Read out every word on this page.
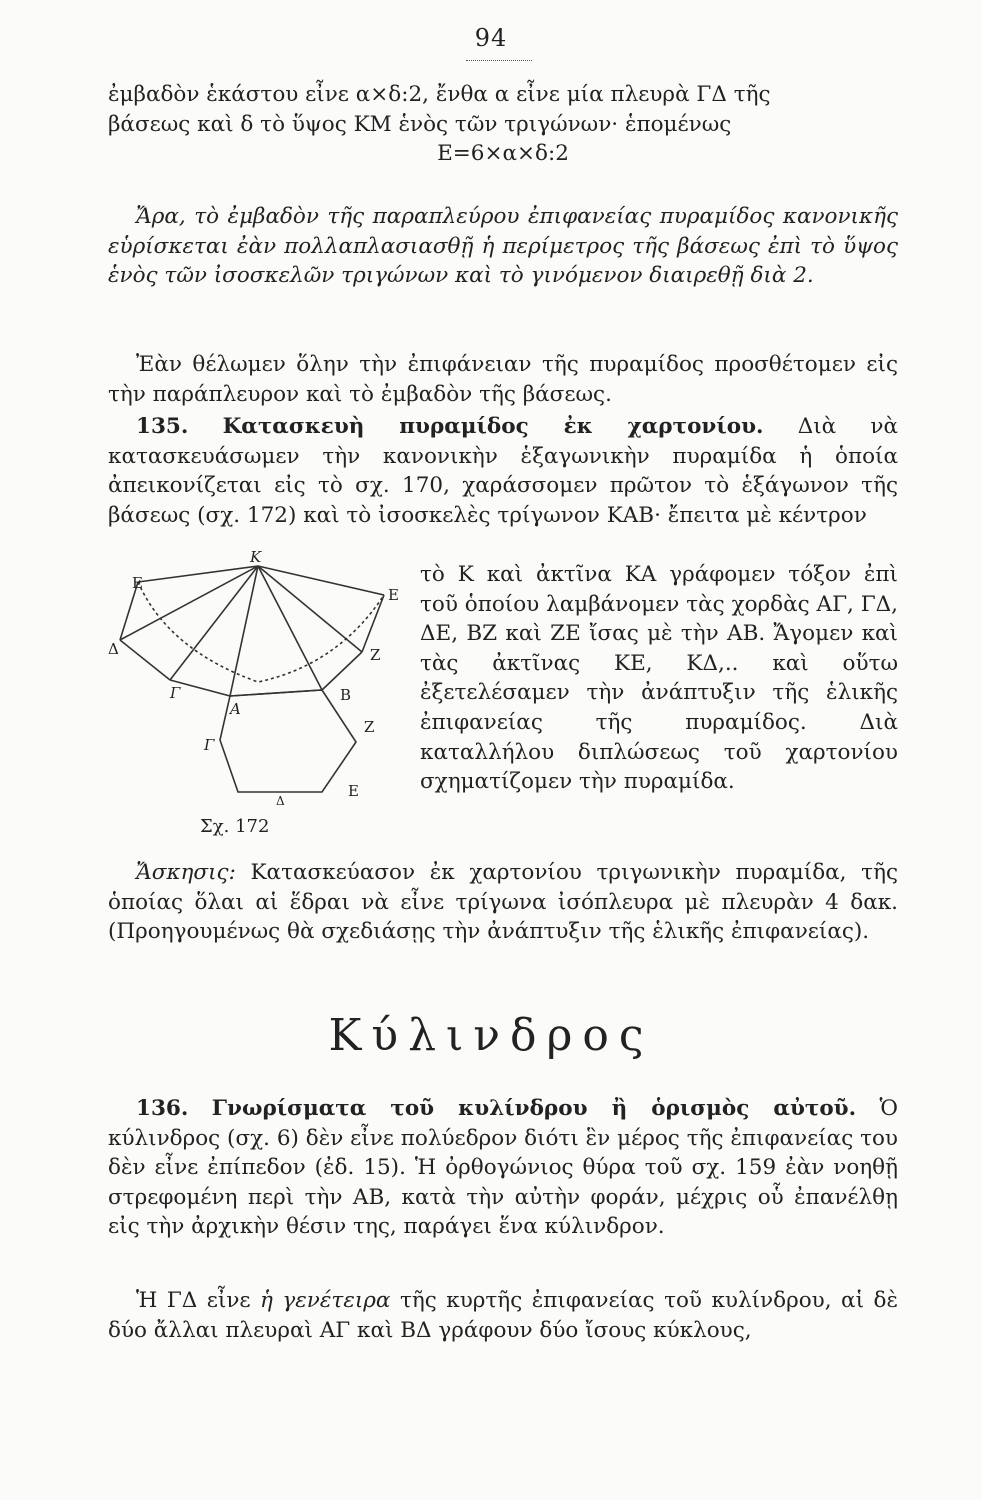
94

ἐμβαδὸν ἑκάστου εἶνε α×δ:2, ἔνθα α εἶνε μία πλευρὰ ΓΔ τῆς

βάσεως καὶ δ τὸ ὕψος ΚΜ ἑνὸς τῶν τριγώνων· ἑπομένως

Ε=6×α×δ:2

Ἄρα, τὸ ἐμβαδὸν τῆς παραπλεύρου ἐπιφανείας πυραμίδος κανονικῆς εὑρίσκεται ἐὰν πολλαπλασιασθῇ ἡ περίμετρος τῆς βάσεως ἐπὶ τὸ ὕψος ἑνὸς τῶν ἰσοσκελῶν τριγώνων καὶ τὸ γινόμενον διαιρεθῇ διὰ 2.

Ἐὰν θέλωμεν ὅλην τὴν ἐπιφάνειαν τῆς πυραμίδος προσθέτομεν εἰς τὴν παράπλευρον καὶ τὸ ἐμβαδὸν τῆς βάσεως.

135. Κατασκευὴ πυραμίδος ἐκ χαρτονίου. Διὰ νὰ κατασκευάσωμεν τὴν κανονικὴν ἑξαγωνικὴν πυραμίδα ἡ ὁποία ἀπεικονίζεται εἰς τὸ σχ. 170, χαράσσομεν πρῶτον τὸ ἑξάγωνον τῆς βάσεως (σχ. 172) καὶ τὸ ἰσοσκελὲς τρίγωνον ΚΑΒ· ἔπειτα μὲ κέντρον

Κ
Ε
Δ
Γ
Α
Β
Γ
Ζ
Ε
Ζ
Δ
Ε
Σχ. 172
τὸ Κ καὶ ἀκτῖνα ΚΑ γράφομεν τόξον ἐπὶ τοῦ ὁποίου λαμβάνομεν τὰς χορδὰς ΑΓ, ΓΔ, ΔΕ, ΒΖ καὶ ΖΕ ἴσας μὲ τὴν ΑΒ. Ἄγομεν καὶ τὰς ἀκτῖνας ΚΕ, ΚΔ,.. καὶ οὕτω ἐξετελέσαμεν τὴν ἀνάπτυξιν τῆς ἑλικῆς ἐπιφανείας τῆς πυραμίδος. Διὰ καταλλήλου διπλώσεως τοῦ χαρτονίου σχηματίζομεν τὴν πυραμίδα.

Ἄσκησις: Κατασκεύασον ἐκ χαρτονίου τριγωνικὴν πυραμίδα, τῆς ὁποίας ὅλαι αἱ ἕδραι νὰ εἶνε τρίγωνα ἰσόπλευρα μὲ πλευρὰν 4 δακ. (Προηγουμένως θὰ σχεδιάσῃς τὴν ἀνάπτυξιν τῆς ἑλικῆς ἐπιφανείας).

Κύλινδρος

136. Γνωρίσματα τοῦ κυλίνδρου ἢ ὁρισμὸς αὐτοῦ. Ὁ κύλινδρος (σχ. 6) δὲν εἶνε πολύεδρον διότι ἓν μέρος τῆς ἐπιφανείας του δὲν εἶνε ἐπίπεδον (ἐδ. 15). Ἡ ὀρθογώνιος θύρα τοῦ σχ. 159 ἐὰν νοηθῇ στρεφομένη περὶ τὴν ΑΒ, κατὰ τὴν αὐτὴν φοράν, μέχρις οὗ ἐπανέλθῃ εἰς τὴν ἀρχικὴν θέσιν της, παράγει ἕνα κύλινδρον.

Ἡ ΓΔ εἶνε ἡ γενέτειρα τῆς κυρτῆς ἐπιφανείας τοῦ κυλίνδρου, αἱ δὲ δύο ἄλλαι πλευραὶ ΑΓ καὶ ΒΔ γράφουν δύο ἴσους κύκλους,
